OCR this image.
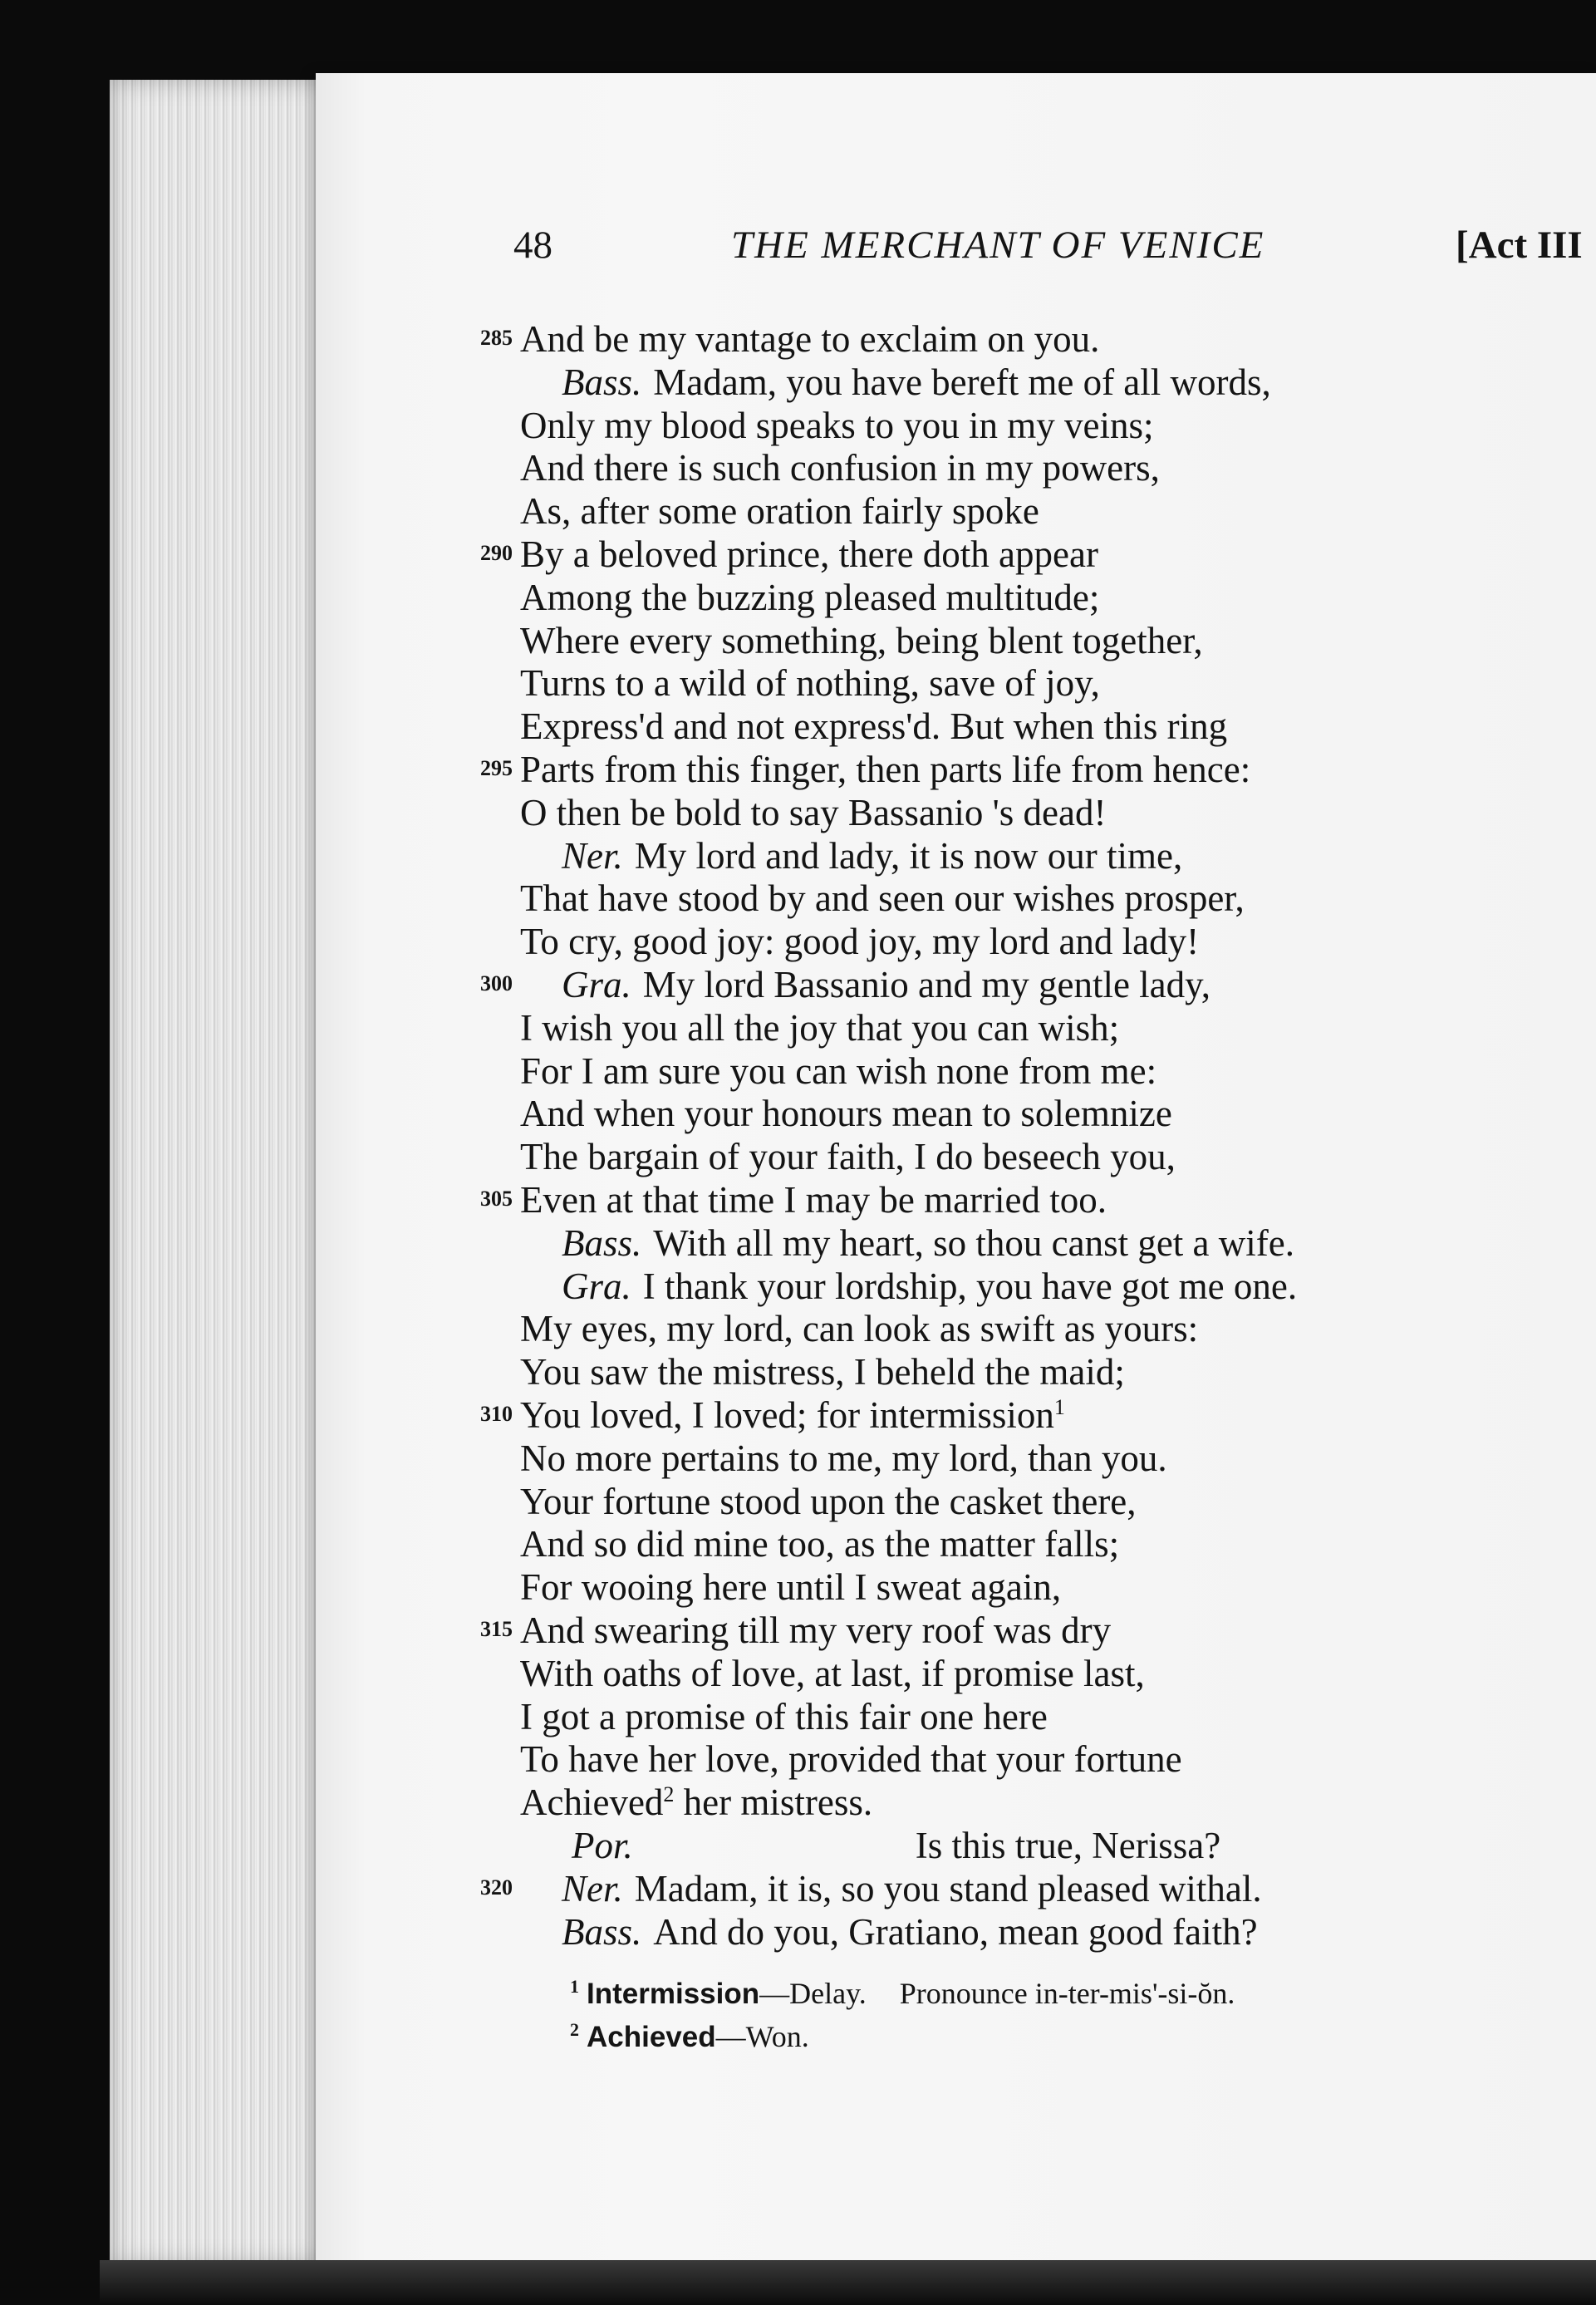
48	THE MERCHANT OF VENICE	[Act III
And be my vantage to exclaim on you.
Bass. Madam, you have bereft me of all words,
Only my blood speaks to you in my veins;
And there is such confusion in my powers,
As, after some oration fairly spoke
By a beloved prince, there doth appear
Among the buzzing pleased multitude;
Where every something, being blent together,
Turns to a wild of nothing, save of joy,
Express'd and not express'd. But when this ring
Parts from this finger, then parts life from hence:
O then be bold to say Bassanio 's dead!
Ner. My lord and lady, it is now our time,
That have stood by and seen our wishes prosper,
To cry, good joy: good joy, my lord and lady!
Gra. My lord Bassanio and my gentle lady,
I wish you all the joy that you can wish;
For I am sure you can wish none from me:
And when your honours mean to solemnize
The bargain of your faith, I do beseech you,
Even at that time I may be married too.
Bass. With all my heart, so thou canst get a wife.
Gra. I thank your lordship, you have got me one.
My eyes, my lord, can look as swift as yours:
You saw the mistress, I beheld the maid;
You loved, I loved; for intermission$^1$
No more pertains to me, my lord, than you.
Your fortune stood upon the casket there,
And so did mine too, as the matter falls;
For wooing here until I sweat again,
And swearing till my very roof was dry
With oaths of love, at last, if promise last,
I got a promise of this fair one here
To have her love, provided that your fortune
Achieved$^2$ her mistress.
Por.	Is this true, Nerissa?
Ner. Madam, it is, so you stand pleased withal.
Bass. And do you, Gratiano, mean good faith?
285
290
295
300
305
310
315
320
$^1$ Intermission—Delay. Pronounce in-ter-mis'-si-ŏn.
$^2$ Achieved—Won.
